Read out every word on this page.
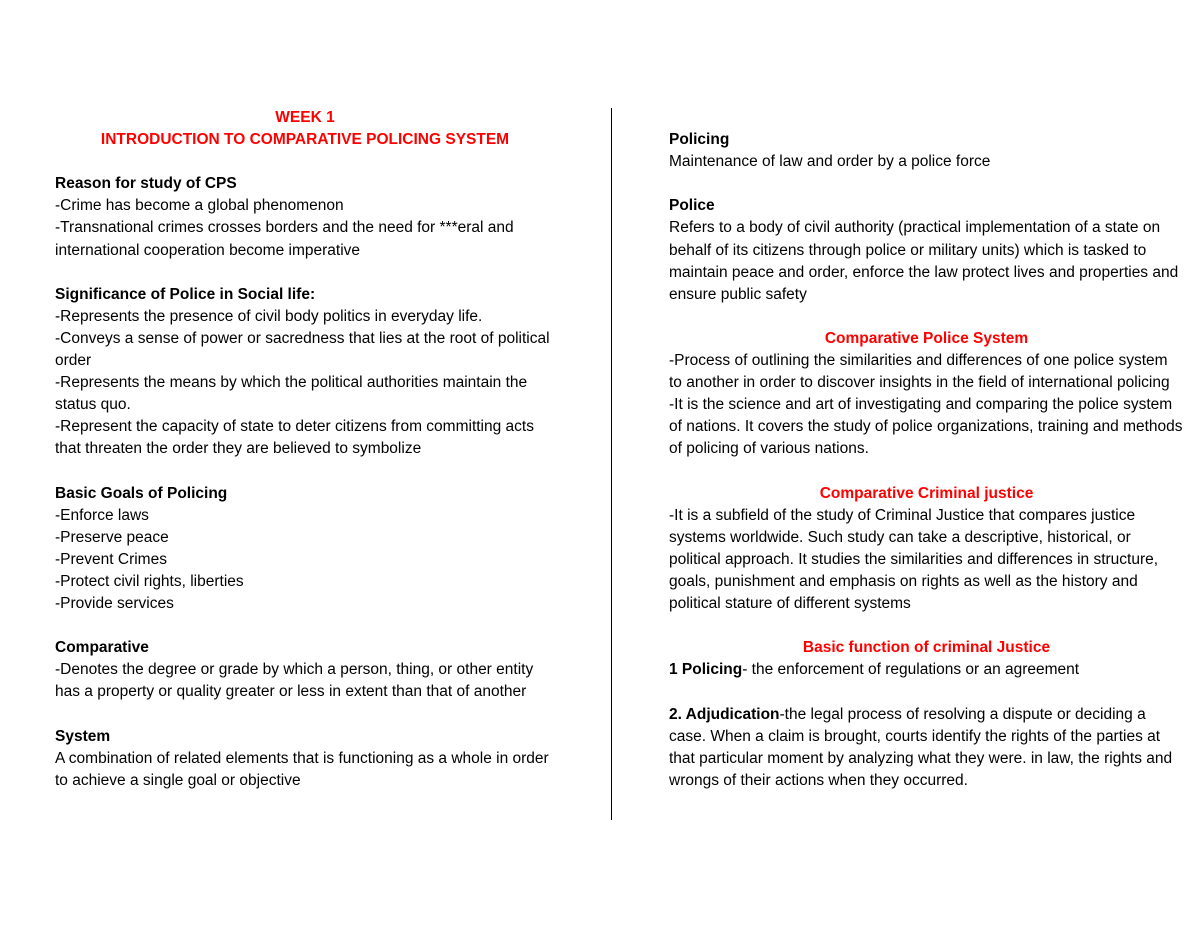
WEEK 1

INTRODUCTION TO COMPARATIVE POLICING SYSTEM

Reason for study of CPS

-Crime has become a global phenomenon

-Transnational crimes crosses borders and the need for ***eral and international cooperation become imperative

Significance of Police in Social life:

-Represents the presence of civil body politics in everyday life.

-Conveys a sense of power or sacredness that lies at the root of political order

-Represents the means by which the political authorities maintain the status quo.

-Represent the capacity of state to deter citizens from committing acts that threaten the order they are believed to symbolize

Basic Goals of Policing

-Enforce laws

-Preserve peace

-Prevent Crimes

-Protect civil rights, liberties

-Provide services

Comparative

-Denotes the degree or grade by which a person, thing, or other entity has a property or quality greater or less in extent than that of another

System

A combination of related elements that is functioning as a whole in order to achieve a single goal or objective

Policing

Maintenance of law and order by a police force

Police

Refers to a body of civil authority (practical implementation of a state on behalf of its citizens through police or military units) which is tasked to maintain peace and order, enforce the law protect lives and properties and ensure public safety

Comparative Police System

-Process of outlining the similarities and differences of one police system to another in order to discover insights in the field of international policing

-It is the science and art of investigating and comparing the police system of nations. It covers the study of police organizations, training and methods of policing of various nations.

Comparative Criminal justice

-It is a subfield of the study of Criminal Justice that compares justice systems worldwide. Such study can take a descriptive, historical, or political approach. It studies the similarities and differences in structure, goals, punishment and emphasis on rights as well as the history and political stature of different systems

Basic function of criminal Justice

1 Policing- the enforcement of regulations or an agreement

2. Adjudication-the legal process of resolving a dispute or deciding a case. When a claim is brought, courts identify the rights of the parties at that particular moment by analyzing what they were. in law, the rights and wrongs of their actions when they occurred.
